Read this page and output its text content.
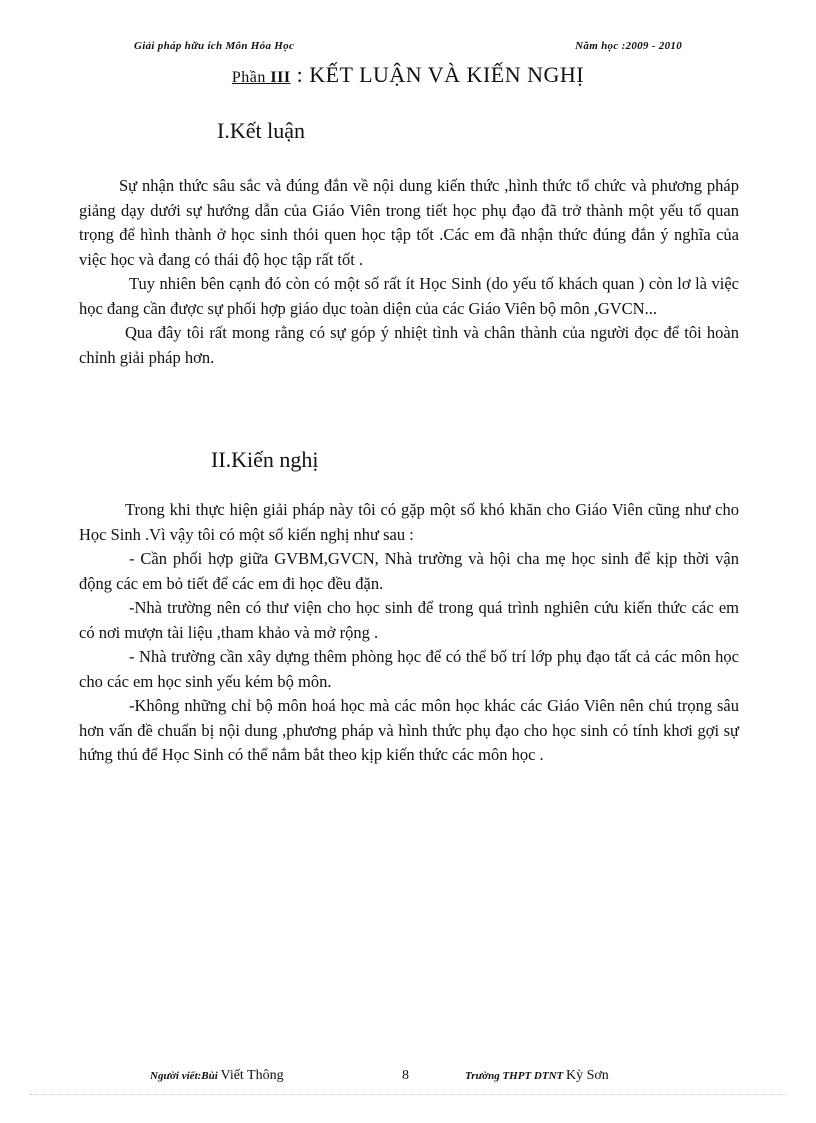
Giải pháp hữu ích Môn Hóa Học	Năm học :2009 - 2010
Phần III : KẾT LUẬN VÀ KIẾN NGHỊ
I.Kết luận

Sự nhận thức sâu sắc và đúng đắn về nội dung kiến thức ,hình thức tổ chức và phương pháp giảng dạy dưới sự hướng dẫn của Giáo Viên trong tiết học phụ đạo đã trở thành một yếu tố quan trọng để hình thành ở học sinh thói quen học tập tốt .Các em đã nhận thức đúng đắn ý nghĩa của việc học và đang có thái độ học tập rất tốt .

Tuy nhiên bên cạnh đó còn có một số rất ít Học Sinh (do yếu tố khách quan ) còn lơ là việc học đang cần được sự phối hợp giáo dục toàn diện của các Giáo Viên bộ môn ,GVCN...

Qua đây tôi rất mong rằng có sự góp ý nhiệt tình và chân thành của người đọc để tôi hoàn chỉnh giải pháp hơn.

II.Kiến nghị

Trong khi thực hiện giải pháp này tôi có gặp một số khó khăn cho Giáo Viên cũng như cho Học Sinh .Vì vậy tôi có một số kiến nghị như sau :

- Cần phối hợp giữa GVBM,GVCN, Nhà trường và hội cha mẹ học sinh để kịp thời vận động các em bỏ tiết để các em đi học đều đặn.

-Nhà trường nên có thư viện cho học sinh để trong quá trình nghiên cứu kiến thức các em có nơi mượn tài liệu ,tham khảo và mở rộng .

- Nhà trường cần xây dựng thêm phòng học để có thể bố trí lớp phụ đạo tất cả các môn học cho các em học sinh yếu kém bộ môn.

-Không những chỉ bộ môn hoá học mà các môn học khác các Giáo Viên nên chú trọng sâu hơn vấn đề chuẩn bị nội dung ,phương pháp và hình thức phụ đạo cho học sinh có tính khơi gợi sự hứng thú để Học Sinh có thể nắm bắt theo kịp kiến thức các môn học .

Người viết:Bùi Viết Thông	8	Trường THPT DTNT Kỳ Sơn
